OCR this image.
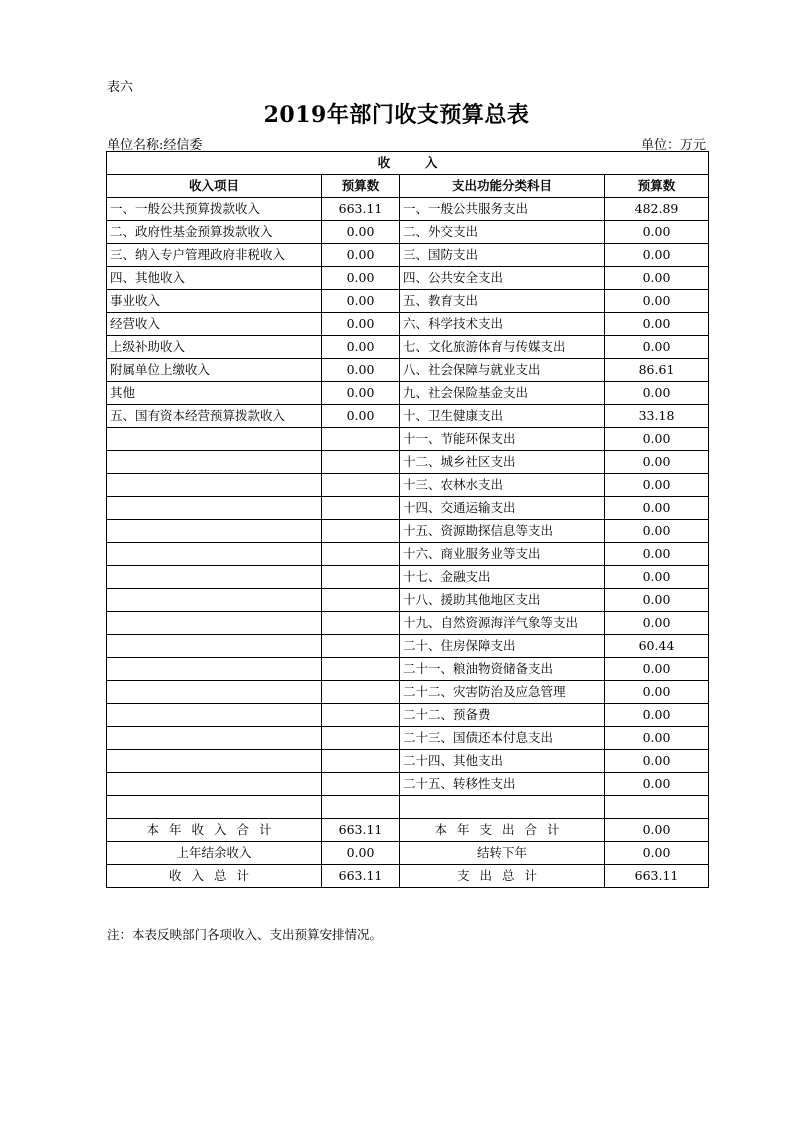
表六
2019年部门收支预算总表
单位名称:经信委	单位：万元
收        入			
收入项目	预算数	支出功能分类科目	预算数
一、一般公共预算拨款收入	663.11	一、一般公共服务支出	482.89
二、政府性基金预算拨款收入	0.00	二、外交支出	0.00
三、纳入专户管理政府非税收入	0.00	三、国防支出	0.00
四、其他收入	0.00	四、公共安全支出	0.00
事业收入	0.00	五、教育支出	0.00
经营收入	0.00	六、科学技术支出	0.00
上级补助收入	0.00	七、文化旅游体育与传媒支出	0.00
附属单位上缴收入	0.00	八、社会保障与就业支出	86.61
其他	0.00	九、社会保险基金支出	0.00
五、国有资本经营预算拨款收入	0.00	十、卫生健康支出	33.18
		十一、节能环保支出	0.00
		十二、城乡社区支出	0.00
		十三、农林水支出	0.00
		十四、交通运输支出	0.00
		十五、资源勘探信息等支出	0.00
		十六、商业服务业等支出	0.00
		十七、金融支出	0.00
		十八、援助其他地区支出	0.00
		十九、自然资源海洋气象等支出	0.00
		二十、住房保障支出	60.44
		二十一、粮油物资储备支出	0.00
		二十二、灾害防治及应急管理	0.00
		二十二、预备费	0.00
		二十三、国债还本付息支出	0.00
		二十四、其他支出	0.00
		二十五、转移性支出	0.00

本年收入合计	663.11	本年支出合计	0.00
上年结余收入	0.00	结转下年	0.00
收入总计	663.11	支出总计	663.11
注：本表反映部门各项收入、支出预算安排情况。
